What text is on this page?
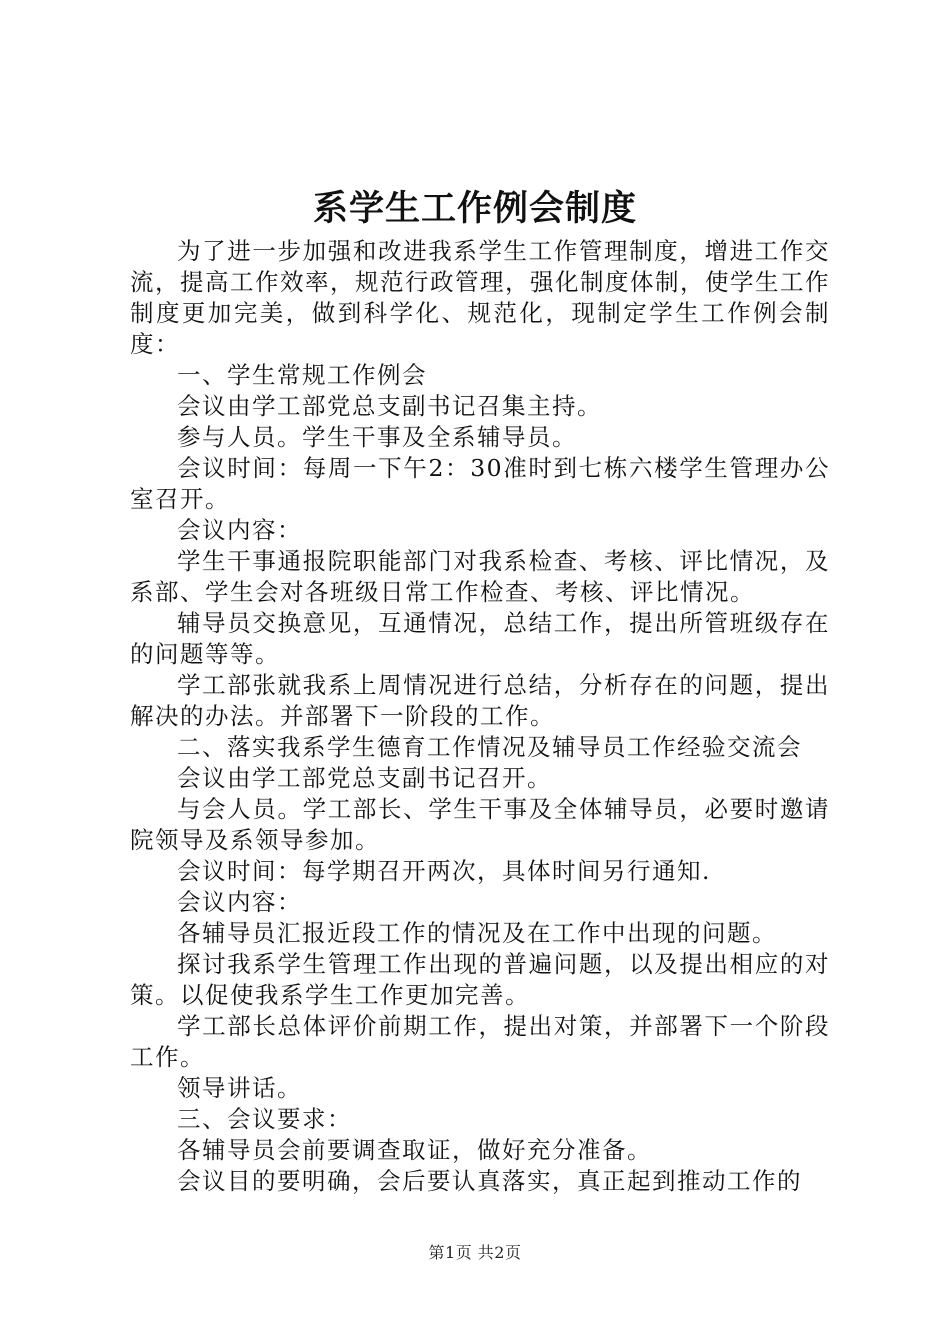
系学生工作例会制度

为了进一步加强和改进我系学生工作管理制度，增进工作交流，提高工作效率，规范行政管理，强化制度体制，使学生工作制度更加完美，做到科学化、规范化，现制定学生工作例会制度：

一、学生常规工作例会

会议由学工部党总支副书记召集主持。

参与人员。学生干事及全系辅导员。

会议时间：每周一下午2：30准时到七栋六楼学生管理办公室召开。

会议内容：

学生干事通报院职能部门对我系检查、考核、评比情况，及系部、学生会对各班级日常工作检查、考核、评比情况。

辅导员交换意见，互通情况，总结工作，提出所管班级存在的问题等等。

学工部张就我系上周情况进行总结，分析存在的问题，提出解决的办法。并部署下一阶段的工作。

二、落实我系学生德育工作情况及辅导员工作经验交流会

会议由学工部党总支副书记召开。

与会人员。学工部长、学生干事及全体辅导员，必要时邀请院领导及系领导参加。

会议时间：每学期召开两次，具体时间另行通知.

会议内容：

各辅导员汇报近段工作的情况及在工作中出现的问题。

探讨我系学生管理工作出现的普遍问题，以及提出相应的对策。以促使我系学生工作更加完善。

学工部长总体评价前期工作，提出对策，并部署下一个阶段工作。

领导讲话。

三、会议要求：

各辅导员会前要调查取证，做好充分准备。

会议目的要明确，会后要认真落实，真正起到推动工作的

第1页 共2页
